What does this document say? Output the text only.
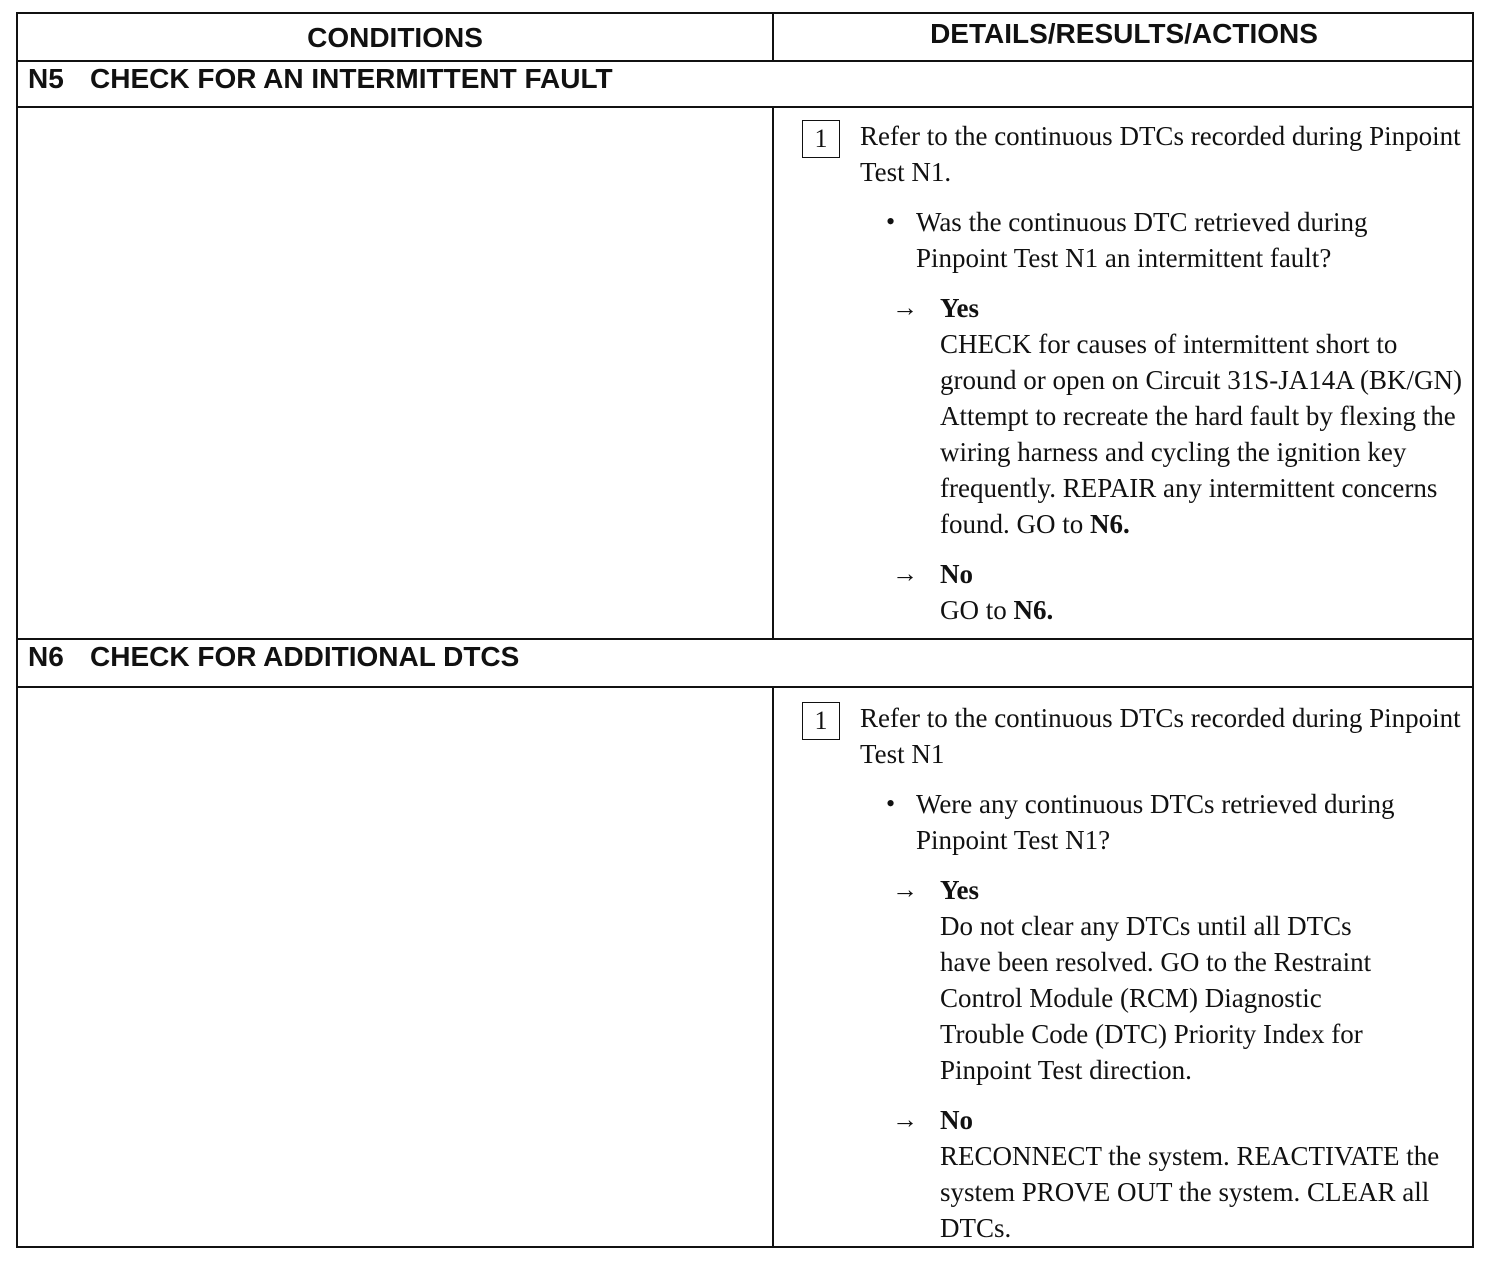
CONDITIONS	DETAILS/RESULTS/ACTIONS
N5 CHECK FOR AN INTERMITTENT FAULT
1	Refer to the continuous DTCs recorded during Pinpoint Test N1.
• Was the continuous DTC retrieved during Pinpoint Test N1 an intermittent fault?
→ Yes
CHECK for causes of intermittent short to ground or open on Circuit 31S-JA14A (BK/GN) Attempt to recreate the hard fault by flexing the wiring harness and cycling the ignition key frequently. REPAIR any intermittent concerns found. GO to N6.
→ No
GO to N6.
N6 CHECK FOR ADDITIONAL DTCS
1	Refer to the continuous DTCs recorded during Pinpoint Test N1
• Were any continuous DTCs retrieved during Pinpoint Test N1?
→ Yes
Do not clear any DTCs until all DTCs have been resolved. GO to the Restraint Control Module (RCM) Diagnostic Trouble Code (DTC) Priority Index for Pinpoint Test direction.
→ No
RECONNECT the system. REACTIVATE the system PROVE OUT the system. CLEAR all DTCs.
